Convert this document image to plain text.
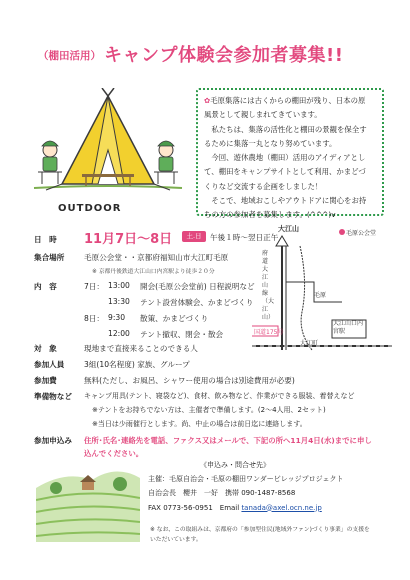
（棚田活用） キャンプ体験会参加者募集!!
OUTDOOR

✿毛原集落には古くからの棚田が残り、日本の原

風景として親しまれてきています。

　私たちは、集落の活性化と棚田の景観を保全す

るために集落一丸となり努めています。

　今回、遊休農地（棚田）活用のアイディアとし

て、棚田をキャンプサイトとして利用、かまどづ

くりなど交流する企画をしました！

　そこで、地域おこしやアウトドアに関心をお持

ちの方の参加者を募集します。(^^^)v

日　時 11月7日～8日	土.日	午後１時～翌日正午
集合場所	毛原公会堂・・京都府福知山市大江町毛原
※ 京都丹後鉄道大江山口内宮駅より徒歩２０分
内　容	7日： 13:00 開会(毛原公会堂前) 日程説明など
13:30 テント設営体験会、かまどづくり
8日： 9:30 散策、かまどづくり
12:00 テント撤収、閉会・散会
大江山
毛原公会堂
府道大江山線（大江山）
大江山口内宮駅
毛原
国道175号
大江町
対　象	現地まで直接来ることのできる人
参加人員	3組(10名程度) 家族、グループ
参加費	無料(ただし、お風呂、シャワー使用の場合は別途費用が必要)
準備物など キャンプ用具(テント、寝袋など)、食材、飲み物など、作業ができる服装、着替えなど
※テントをお持ちでない方は、主催者で準備します。(2～4人用、2セット)
※当日は少雨催行とします。尚、中止の場合は前日迄に連絡します。
参加申込み 住所･氏名･連絡先を電話、ファクス又はメールで、下記の所へ11月4日(水)までに申し込んでください。
《申込み・問合せ先》
主催：毛原自治会・毛原の棚田ワンダービレッジプロジェクト
自治会長　櫻井　一好　携帯 090-1487-8568
FAX 0773-56-0951　Email tanada@axel.ocn.ne.jp
※ なお、この取組みは、京都府の「参加型住民(地域外ファン)づくり事業」の支援をいただいています。
